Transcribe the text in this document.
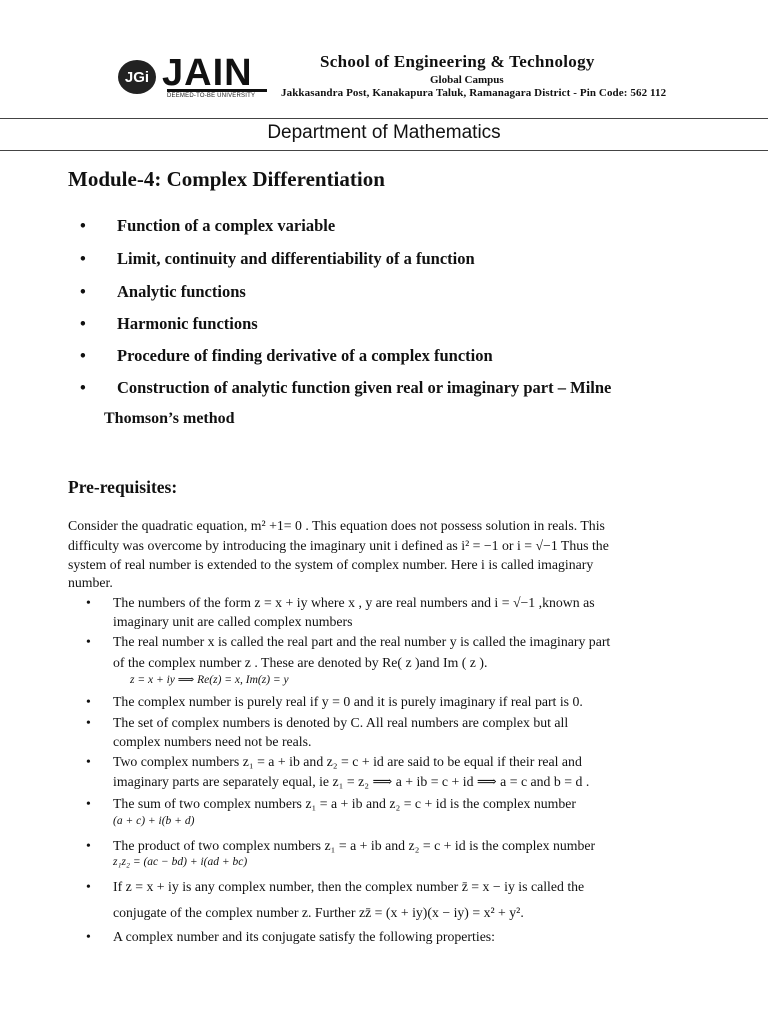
JGi JAIN
DEEMED-TO-BE UNIVERSITY
School of Engineering & Technology
Global Campus
Jakkasandra Post, Kanakapura Taluk, Ramanagara District - Pin Code: 562 112
Department of Mathematics
Module-4: Complex Differentiation
• Function of a complex variable
• Limit, continuity and differentiability of a function
• Analytic functions
• Harmonic functions
• Procedure of finding derivative of a complex function
• Construction of analytic function given real or imaginary part – Milne
Thomson’s method
Pre-requisites:
Consider the quadratic equation, m² +1= 0 . This equation does not possess solution in reals. This
difficulty was overcome by introducing the imaginary unit i defined as i² = −1 or i = √−1 Thus the
system of real number is extended to the system of complex number. Here i is called imaginary
number.
• The numbers of the form z = x + iy where x , y are real numbers and i = √−1 ,known as
imaginary unit are called complex numbers
• The real number x is called the real part and the real number y is called the imaginary part
of the complex number z . These are denoted by Re( z )and Im ( z ).
z = x + iy ⟹ Re(z) = x, Im(z) = y
• The complex number is purely real if y = 0 and it is purely imaginary if real part is 0.
• The set of complex numbers is denoted by C. All real numbers are complex but all
complex numbers need not be reals.
• Two complex numbers z₁ = a + ib and z₂ = c + id are said to be equal if their real and
imaginary parts are separately equal, ie z₁ = z₂ ⟹ a + ib = c + id ⟹ a = c and b = d .
• The sum of two complex numbers z₁ = a + ib and z₂ = c + id is the complex number
(a + c) + i(b + d)
• The product of two complex numbers z₁ = a + ib and z₂ = c + id is the complex number
z₁z₂ = (ac − bd) + i(ad + bc)
• If z = x + iy is any complex number, then the complex number z̄ = x − iy is called the
conjugate of the complex number z. Further zz̄ = (x + iy)(x − iy) = x² + y².
• A complex number and its conjugate satisfy the following properties:
